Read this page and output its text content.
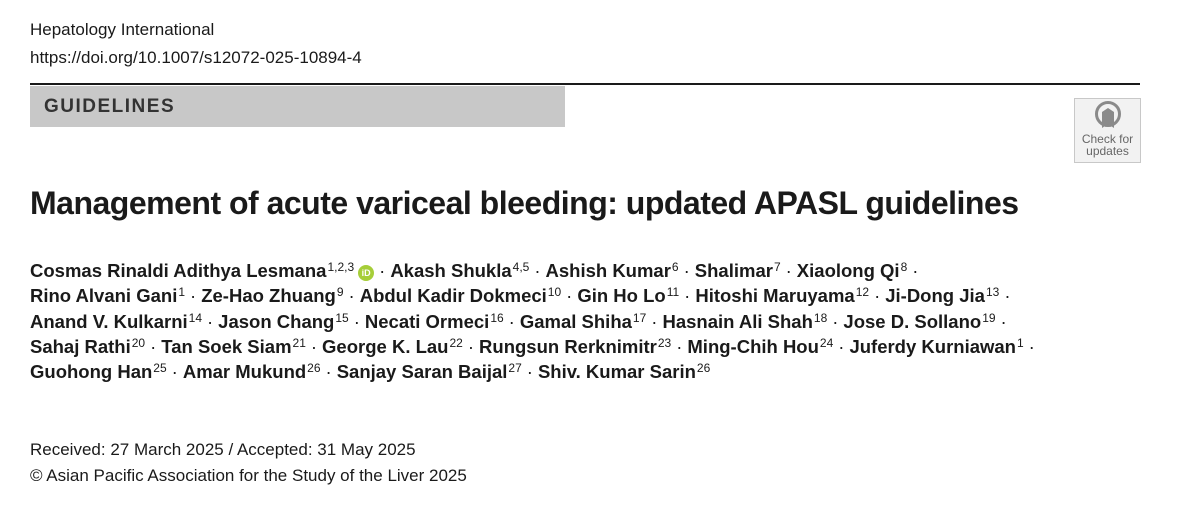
Hepatology International
https://doi.org/10.1007/s12072-025-10894-4
GUIDELINES
Check for
updates
Management of acute variceal bleeding: updated APASL guidelines
Cosmas Rinaldi Adithya Lesmana$^{1,2,3}$ iD · Akash Shukla$^{4,5}$ · Ashish Kumar$^6$ · Shalimar$^7$ · Xiaolong $Qi^8$ ·
Rino Alvani Gani$^1$ · Ze-Hao Zhuang$^9$ · Abdul Kadir Dokmeci$^{10}$ · Gin Ho $Lo^{11}$ · Hitoshi Maruyama$^{12}$ · Ji-Dong Jia$^{13}$ ·
Anand V. Kulkarni$^{14}$ · Jason Chang$^{15}$ · Necati Ormeci$^{16}$ · Gamal Shiha$^{17}$ · Hasnain Ali Shah$^{18}$ · Jose D. Sollano$^{19}$ ·
Sahaj Rathi$^{20}$ · Tan Soek Siam$^{21}$ · George K. Lau$^{22}$ · Rungsun Rerknimitr$^{23}$ · Ming-Chih Hou$^{24}$ · Juferdy Kurniawan$^1$ ·
Guohong Han$^{25}$ · Amar Mukund$^{26}$ · Sanjay Saran Baijal$^{27}$ · Shiv. Kumar Sarin$^{26}$
Received: 27 March 2025 / Accepted: 31 May 2025
© Asian Pacific Association for the Study of the Liver 2025
